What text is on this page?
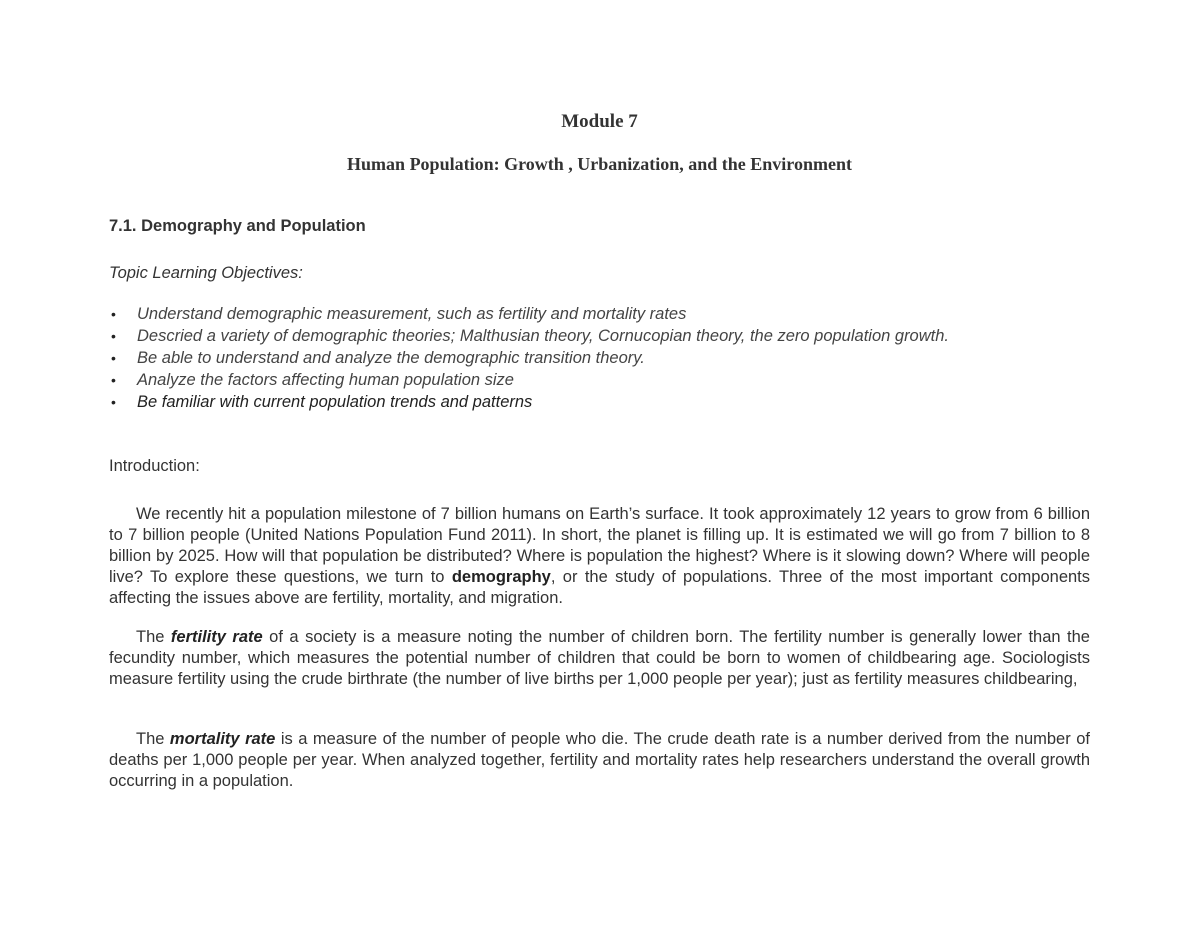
Module 7
Human Population: Growth , Urbanization, and the Environment
7.1. Demography and Population
Topic Learning Objectives:
• Understand demographic measurement, such as fertility and mortality rates
• Descried a variety of demographic theories; Malthusian theory, Cornucopian theory, the zero population growth.
• Be able to understand and analyze the demographic transition theory.
• Analyze the factors affecting human population size
• Be familiar with current population trends and patterns
Introduction:

We recently hit a population milestone of 7 billion humans on Earth’s surface. It took approximately 12 years to grow from 6 billion to 7 billion people (United Nations Population Fund 2011). In short, the planet is filling up. It is estimated we will go from 7 billion to 8 billion by 2025. How will that population be distributed? Where is population the highest? Where is it slowing down? Where will people live? To explore these questions, we turn to demography, or the study of populations. Three of the most important components affecting the issues above are fertility, mortality, and migration.

The fertility rate of a society is a measure noting the number of children born. The fertility number is generally lower than the fecundity number, which measures the potential number of children that could be born to women of childbearing age. Sociologists measure fertility using the crude birthrate (the number of live births per 1,000 people per year); just as fertility measures childbearing,

The mortality rate is a measure of the number of people who die. The crude death rate is a number derived from the number of deaths per 1,000 people per year. When analyzed together, fertility and mortality rates help researchers understand the overall growth occurring in a population.
